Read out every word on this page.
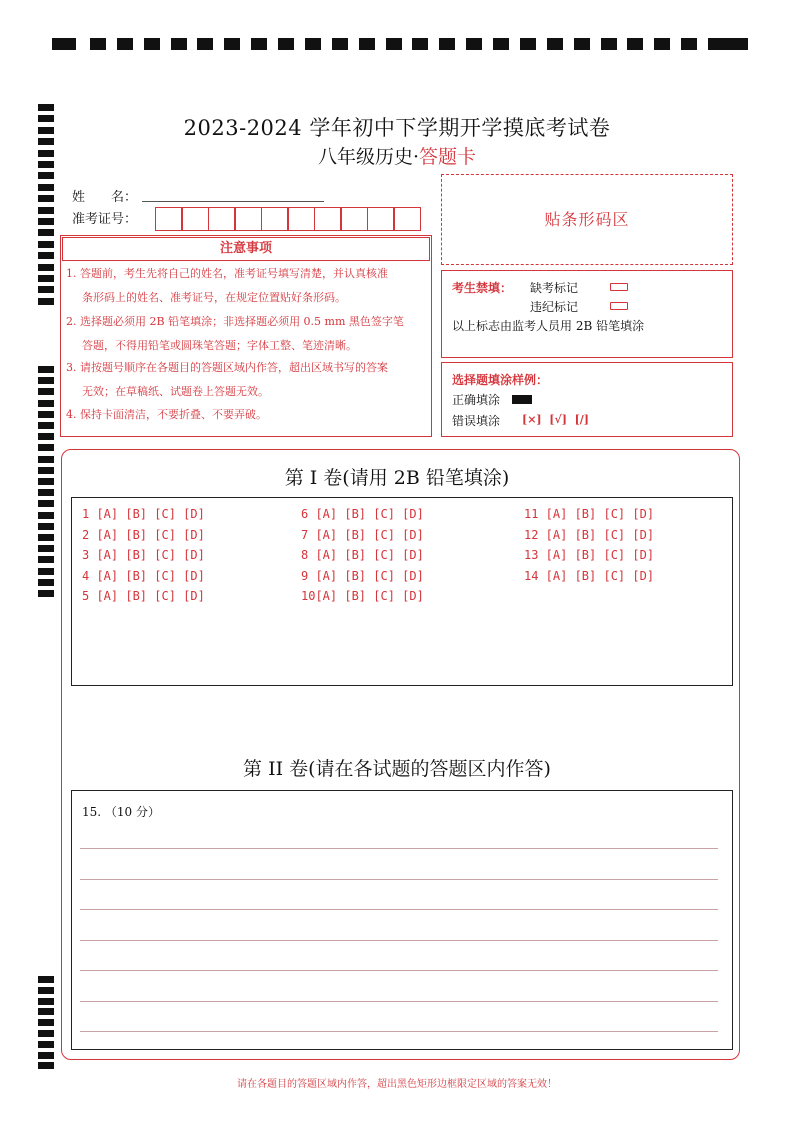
2023-2024 学年初中下学期开学摸底考试卷
八年级历史·答题卡
姓　　名：
准考证号：	贴条形码区
注意事项
1. 答题前，考生先将自己的姓名，准考证号填写清楚，并认真核准
条形码上的姓名、准考证号，在规定位置贴好条形码。
2. 选择题必须用 2B 铅笔填涂；非选择题必须用 0.5 mm 黑色签字笔
答题，不得用铅笔或圆珠笔答题；字体工整、笔迹清晰。
3. 请按题号顺序在各题目的答题区域内作答，超出区域书写的答案
无效；在草稿纸、试题卷上答题无效。
4. 保持卡面清洁，不要折叠、不要弄破。
考生禁填： 缺考标记
违纪标记
以上标志由监考人员用 2B 铅笔填涂
选择题填涂样例：
正确填涂
错误填涂 [×]  [√]  [/]
第 I 卷(请用 2B 铅笔填涂)
1 [A] [B] [C] [D]
2 [A] [B] [C] [D]
3 [A] [B] [C] [D]
4 [A] [B] [C] [D]
5 [A] [B] [C] [D]
6 [A] [B] [C] [D]
7 [A] [B] [C] [D]
8 [A] [B] [C] [D]
9 [A] [B] [C] [D]
10[A] [B] [C] [D]
11 [A] [B] [C] [D]
12 [A] [B] [C] [D]
13 [A] [B] [C] [D]
14 [A] [B] [C] [D]
第 II 卷(请在各试题的答题区内作答)
15. （10 分）
请在各题目的答题区域内作答，超出黑色矩形边框限定区域的答案无效！
